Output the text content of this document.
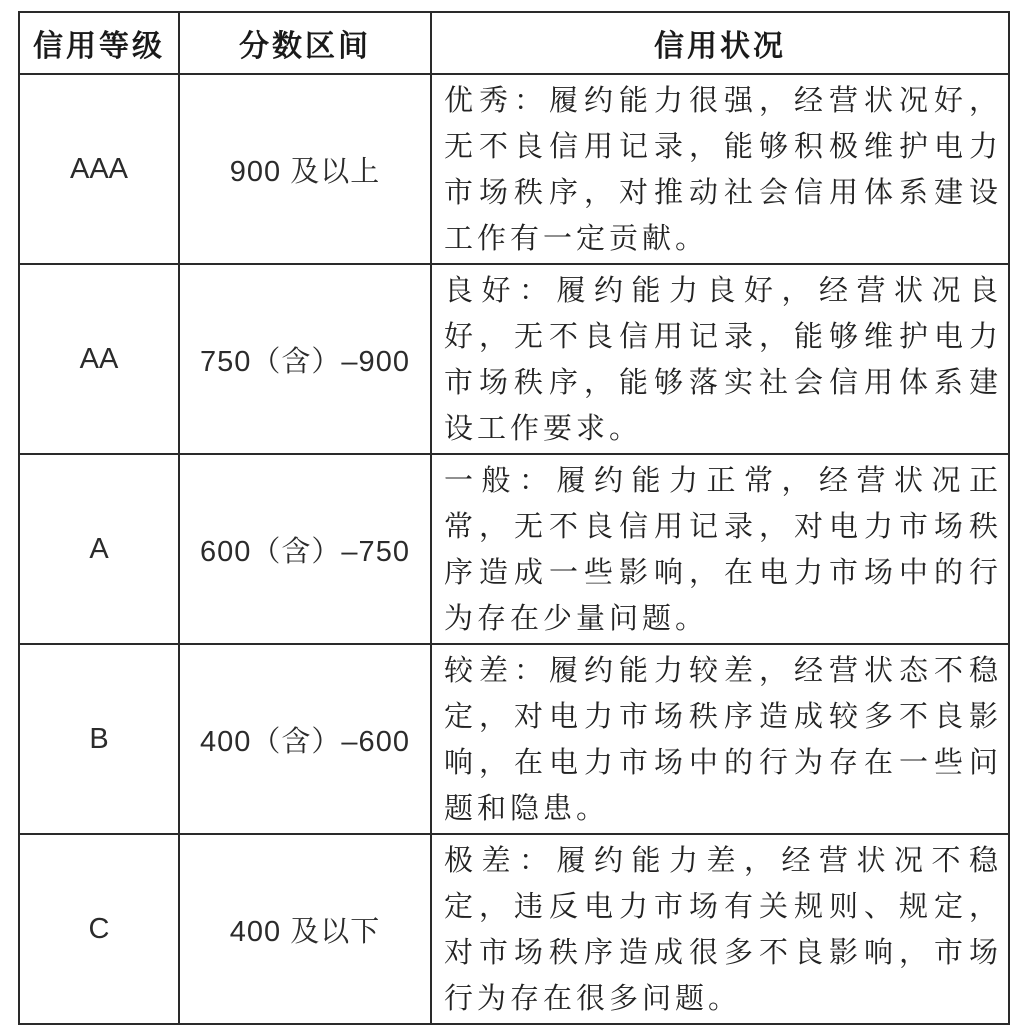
信用等级	分数区间	信用状况
AAA	900 及以上	优秀：履约能力很强，经营状况好，无不良信用记录，能够积极维护电力市场秩序，对推动社会信用体系建设工作有一定贡献。
AA	750（含）–900	良好：履约能力良好，经营状况良好，无不良信用记录，能够维护电力市场秩序，能够落实社会信用体系建设工作要求。
A	600（含）–750	一般：履约能力正常，经营状况正常，无不良信用记录，对电力市场秩序造成一些影响，在电力市场中的行为存在少量问题。
B	400（含）–600	较差：履约能力较差，经营状态不稳定，对电力市场秩序造成较多不良影响，在电力市场中的行为存在一些问题和隐患。
C	400 及以下	极差：履约能力差，经营状况不稳定，违反电力市场有关规则、规定，对市场秩序造成很多不良影响，市场行为存在很多问题。
